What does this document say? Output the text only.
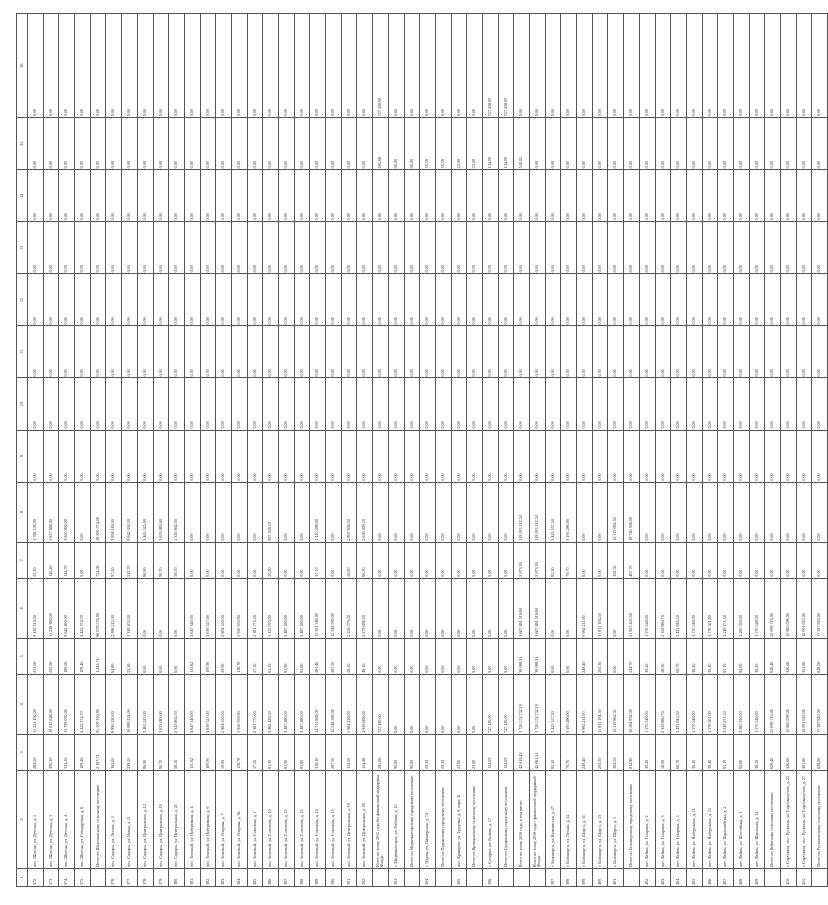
1	2	3	4	5	6	7	8	9	10	11	12	13	14	15	16
372.	пос. Шексна, ул. Детская, д. 1	284,50	13 221 450,00	231,00	9 439 314,00	53,50	3 782 136,00	0,00	0,00	0,00	0,00	0,00	0,00	0,00	0,00
373.	пос. Шексна, ул. Детская, д. 3	390,10	19 012 648,00	235,90	11 218 380,00	145,20	5 817 468,00	0,00	0,00	0,00	0,00	0,00	0,00	0,00	0,00
374.	пос. Шексна, ул. Детская, д. 4	333,20	13 789 090,00	186,00	9 642 460,00	144,70	3 950 900,00	0,00	0,00	0,00	0,00	0,00	0,00	0,00	0,00
375.	пос. Шексна, ул. Стандартная, д. 6	109,40	4 422 374,70	109,40	4 422 374,70	0,00	0,00	0,00	0,00	0,00	0,00	0,00	0,00	0,00	0,00
	Итого по Шекснинскому сельскому поселению	2 167,74	95 509 350,90	1 443,74	66 678 576,90	724,00	28 830 774,00	0,00	0,00	0,00	0,00	0,00	0,00	0,00	0,00
376.	пос. Сидоры, ул. Лесная, д. 3	162,00	6 890 330,00	64,80	2 996 212,00	97,20	3 894 118,00	0,00	0,00	0,00	0,00	0,00	0,00	0,00	0,00
377.	пос. Сидоры, ул. Новая, д. 11	239,20	10 980 234,00	23,50	1 338 203,50	215,70	8 642 030,50	0,00	0,00	0,00	0,00	0,00	0,00	0,00	0,00
378.	пос. Сидоры, ул. Центральная, д. 12	86,90	3 465 525,00	0,00	0,00	86,90	3 465 525,00	0,00	0,00	0,00	0,00	0,00	0,00	0,00	0,00
379.	пос. Сидоры, ул. Центральная, д. 16	90,70	3 633 083,00	0,00	0,00	90,70	3 633 083,00	0,00	0,00	0,00	0,00	0,00	0,00	0,00	0,00
380.	пос. Сидоры, ул. Центральная, д. 21	58,50	2 343 802,50	0,00	0,00	58,50	2 343 802,50	0,00	0,00	0,00	0,00	0,00	0,00	0,00	0,00
381.	пос. Зеленый, ул. Набережная, д. 4	111,62	4 647 340,00	111,62	4 647 340,00	0,00	0,00	0,00	0,00	0,00	0,00	0,00	0,00	0,00	0,00
382.	пос. Зеленый, ул. Набережная, д. 6	109,90	4 639 527,00	109,90	4 639 527,00	0,00	0,00	0,00	0,00	0,00	0,00	0,00	0,00	0,00	0,00
383.	пос. Зеленый, ул. Озерная, д. 7	59,90	2 804 550,00	59,90	2 804 550,00	0,00	0,00	0,00	0,00	0,00	0,00	0,00	0,00	0,00	0,00
384.	пос. Зеленый, ул. Озерная, д. 9а	118,76	5 050 593,90	118,76	5 050 593,90	0,00	0,00	0,00	0,00	0,00	0,00	0,00	0,00	0,00	0,00
385.	пос. Зеленый, ул. Соколова, д. 1	57,50	2 381 775,00	57,50	2 381 775,00	0,00	0,00	0,00	0,00	0,00	0,00	0,00	0,00	0,00	0,00
386.	пос. Зеленый, ул. Соколова, д. 10	81,10	3 962 428,50	61,20	3 125 070,00	20,90	837 358,50	0,00	0,00	0,00	0,00	0,00	0,00	0,00	0,00
387.	пос. Зеленый, ул. Соколова, д. 11	81,90	4 487 280,00	81,90	4 487 280,00	0,00	0,00	0,00	0,00	0,00	0,00	0,00	0,00	0,00	0,00
388.	пос. Зеленый, ул. Соколова, д. 12	83,60	4 487 280,00	83,60	4 487 280,00	0,00	0,00	0,00	0,00	0,00	0,00	0,00	0,00	0,00	0,00
389.	пос. Зеленый, ул. Соколова, д. 14	319,10	14 711 868,00	281,40	13 301 580,00	37,70	1 410 288,00	0,00	0,00	0,00	0,00	0,00	0,00	0,00	0,00
390.	пос. Зеленый, ул. Соколова, д. 15	287,50	12 548 589,00	287,50	12 548 589,00	0,00	0,00	0,00	0,00	0,00	0,00	0,00	0,00	0,00	0,00
391.	пос. Зеленый, ул. Центральная, д. 19	112,50	5 064 216,00	58,50	2 256 579,50	56,00	2 807 636,50	0,00	0,00	0,00	0,00	0,00	0,00	0,00	0,00
392.	пос. Зеленый, ул. Центральная, д. 20	114,46	4 936 008,00	48,16	2 279 698,50	66,30	2 656 309,50	0,00	0,00	0,00	0,00	0,00	0,00	0,00	0,00
	Всего по этапу 2015 года без финансовой поддержки Фонда	285,68	727 430,00	0,00	0,00	0,00	0,00	0,00	0,00	0,00	0,00	0,00	0,00	285,68	727 430,00
393.	г. Медвежьегорск, ул. Рабочая, д. 15	90,00	0,00	0,00	0,00	0,00	0,00	0,00	0,00	0,00	0,00	0,00	0,00	90,00	0,00
	Итого по Медвежьегорскому городскому поселению	90,00	0,00	0,00	0,00	0,00	0,00	0,00	0,00	0,00	0,00	0,00	0,00	90,00	0,00
394.	г. Пудож, ул. Пионерская, д. 74	59,59	0,00	0,00	0,00	0,00	0,00	0,00	0,00	0,00	0,00	0,00	0,00	59,59	0,00
	Итого по Пудожскому городскому поселению	59,59	0,00	0,00	0,00	0,00	0,00	0,00	0,00	0,00	0,00	0,00	0,00	59,59	0,00
395.	пос. Кривцово, ул. Трудовая, д. 8, корп. Б	23,00	0,00	0,00	0,00	0,00	0,00	0,00	0,00	0,00	0,00	0,00	0,00	23,00	0,00
	Итого по Кривцовскому сельскому поселению	23,00	0,00	0,00	0,00	0,00	0,00	0,00	0,00	0,00	0,00	0,00	0,00	23,00	0,00
396.	г. Суоярви, ул. Ленина, д. 17	134,09	727 430,00	0,00	0,00	0,00	0,00	0,00	0,00	0,00	0,00	0,00	0,00	134,09	727 430,00
	Итого по Суоярвскому городскому поселению	134,09	727 430,00	0,00	0,00	0,00	0,00	0,00	0,00	0,00	0,00	0,00	0,00	134,09	727 430,00
	Всего по этапу 2016 года, в том числе:	42 619,43	1 726 574 732,10	39 088,11	1 607 481 519,60	2 973,30	119 093 212,50	0,00	0,00	0,00	0,00	0,00	0,00	558,02	0,00
	Всего по этапу 2016 года с финансовой поддержкой Фонда	42 061,41	1 726 574 732,10	39 088,11	1 607 481 519,60	2 973,30	119 093 212,50	0,00	0,00	0,00	0,00	0,00	0,00	0,00	0,00
397.	г. Беломорск, ул. Каменистая, д. 27	85,50	3 425 557,50	0,00	0,00	85,50	3 425 557,50	0,00	0,00	0,00	0,00	0,00	0,00	0,00	0,00
398.	г. Беломорск, ул. Лесная, д. 12	79,70	3 195 286,00	0,00	0,00	79,70	3 195 286,00	0,00	0,00	0,00	0,00	0,00	0,00	0,00	0,00
399.	г. Беломорск, ул. Щорса, д. 11	249,40	9 992 211,00	249,40	9 992 211,00	0,00	0,00	0,00	0,00	0,00	0,00	0,00	0,00	0,00	0,00
400.	г. Беломорск, ул. Щорса, д. 13	295,30	11 831 194,50	295,30	11 831 194,50	0,00	0,00	0,00	0,00	0,00	0,00	0,00	0,00	0,00	0,00
401.	г. Беломорск, ул. Щорса, д. 5	302,50	12 119 662,50	0,00	0,00	302,50	12 119 662,50	0,00	0,00	0,00	0,00	0,00	0,00	0,00	0,00
	Итого по Беломорскому городскому поселению	812,80	32 564 832,00	544,70	21 823 405,50	467,70	18 740 506,00	0,00	0,00	0,00	0,00	0,00	0,00	0,00	0,00
402.	пос. Кейвы, ул. Гагарина, д. 2	39,20	1 570 548,00	39,20	1 570 548,00	0,00	0,00	0,00	0,00	0,00	0,00	0,00	0,00	0,00	0,00
403.	пос. Кейвы, ул. Гагарина, д. 3	58,90	2 359 880,70	58,90	2 359 880,70	0,00	0,00	0,00	0,00	0,00	0,00	0,00	0,00	0,00	0,00
404.	пос. Кейвы, ул. Гагарина, д. 5	60,70	2 431 945,50	60,70	2 431 945,50	0,00	0,00	0,00	0,00	0,00	0,00	0,00	0,00	0,00	0,00
405.	пос. Кейвы, ул. Набережная, д. 11	39,20	1 570 548,00	39,20	1 570 548,00	0,00	0,00	0,00	0,00	0,00	0,00	0,00	0,00	0,00	0,00
406.	пос. Кейвы, ул. Набережная, д. 15	39,40	1 578 561,00	39,40	1 578 561,00	0,00	0,00	0,00	0,00	0,00	0,00	0,00	0,00	0,00	0,00
407.	пос. Кейвы, ул. Первомайская, д. 2	81,10	3 249 271,50	81,10	3 249 271,50	0,00	0,00	0,00	0,00	0,00	0,00	0,00	0,00	0,00	0,00
408.	пос. Кейвы, ул. Шоссейная, д. 1	82,00	3 285 330,00	82,00	3 285 330,00	0,00	0,00	0,00	0,00	0,00	0,00	0,00	0,00	0,00	0,00
409.	пос. Кейвы, ул. Школьная, д. 14	39,20	1 570 548,00	39,20	1 570 548,00	0,00	0,00	0,00	0,00	0,00	0,00	0,00	0,00	0,00	0,00
	Итого по Кейвскому сельскому поселению	626,40	25 096 716,00	626,40	25 096 716,00	0,00	0,00	0,00	0,00	0,00	0,00	0,00	0,00	0,00	0,00
410.	г. Сортавала, пос. Рускеала, ул. Сортавальское, д. 25	326,60	13 085 098,00	326,60	13 085 098,00	0,00	0,00	0,00	0,00	0,00	0,00	0,00	0,00	0,00	0,00
411.	г. Сортавала, пос. Рускеала, ул. Сортавальское, д. 27	301,80	12 091 623,00	301,80	12 091 623,00	0,00	0,00	0,00	0,00	0,00	0,00	0,00	0,00	0,00	0,00
	Итого по Рускеальскому сельскому поселению	628,00	17 187 820,00	628,00	17 187 820,00	0,00	0,00	0,00	0,00	0,00	0,00	0,00	0,00	0,00	0,00
